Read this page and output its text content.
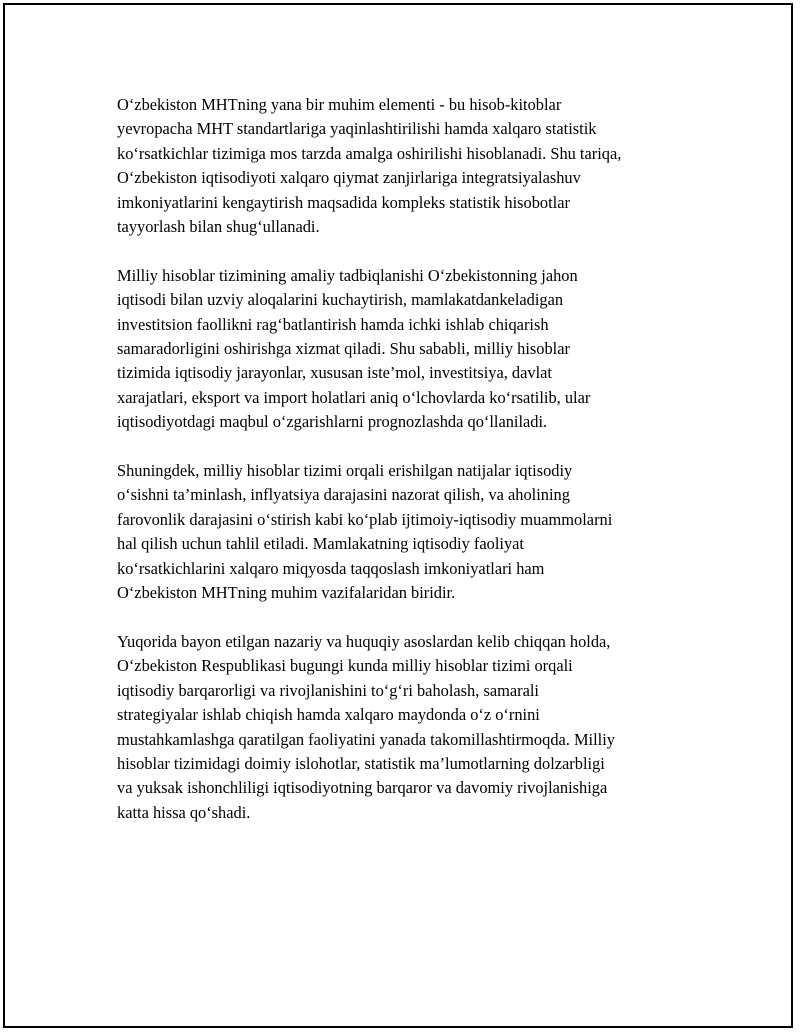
O‘zbekiston MHTning yana bir muhim elementi - bu hisob-kitoblar
yevropacha MHT standartlariga yaqinlashtirilishi hamda xalqaro statistik
ko‘rsatkichlar tizimiga mos tarzda amalga oshirilishi hisoblanadi. Shu tariqa,
O‘zbekiston iqtisodiyoti xalqaro qiymat zanjirlariga integratsiyalashuv
imkoniyatlarini kengaytirish maqsadida kompleks statistik hisobotlar
tayyorlash bilan shug‘ullanadi.

Milliy hisoblar tizimining amaliy tadbiqlanishi O‘zbekistonning jahon
iqtisodi bilan uzviy aloqalarini kuchaytirish, mamlakatdankeladigan
investitsion faollikni rag‘batlantirish hamda ichki ishlab chiqarish
samaradorligini oshirishga xizmat qiladi. Shu sababli, milliy hisoblar
tizimida iqtisodiy jarayonlar, xususan iste’mol, investitsiya, davlat
xarajatlari, eksport va import holatlari aniq o‘lchovlarda ko‘rsatilib, ular
iqtisodiyotdagi maqbul o‘zgarishlarni prognozlashda qo‘llaniladi.

Shuningdek, milliy hisoblar tizimi orqali erishilgan natijalar iqtisodiy
o‘sishni ta’minlash, inflyatsiya darajasini nazorat qilish, va aholining
farovonlik darajasini o‘stirish kabi ko‘plab ijtimoiy-iqtisodiy muammolarni
hal qilish uchun tahlil etiladi. Mamlakatning iqtisodiy faoliyat
ko‘rsatkichlarini xalqaro miqyosda taqqoslash imkoniyatlari ham
O‘zbekiston MHTning muhim vazifalaridan biridir.

Yuqorida bayon etilgan nazariy va huquqiy asoslardan kelib chiqqan holda,
O‘zbekiston Respublikasi bugungi kunda milliy hisoblar tizimi orqali
iqtisodiy barqarorligi va rivojlanishini to‘g‘ri baholash, samarali
strategiyalar ishlab chiqish hamda xalqaro maydonda o‘z o‘rnini
mustahkamlashga qaratilgan faoliyatini yanada takomillashtirmoqda. Milliy
hisoblar tizimidagi doimiy islohotlar, statistik ma’lumotlarning dolzarbligi
va yuksak ishonchliligi iqtisodiyotning barqaror va davomiy rivojlanishiga
katta hissa qo‘shadi.
